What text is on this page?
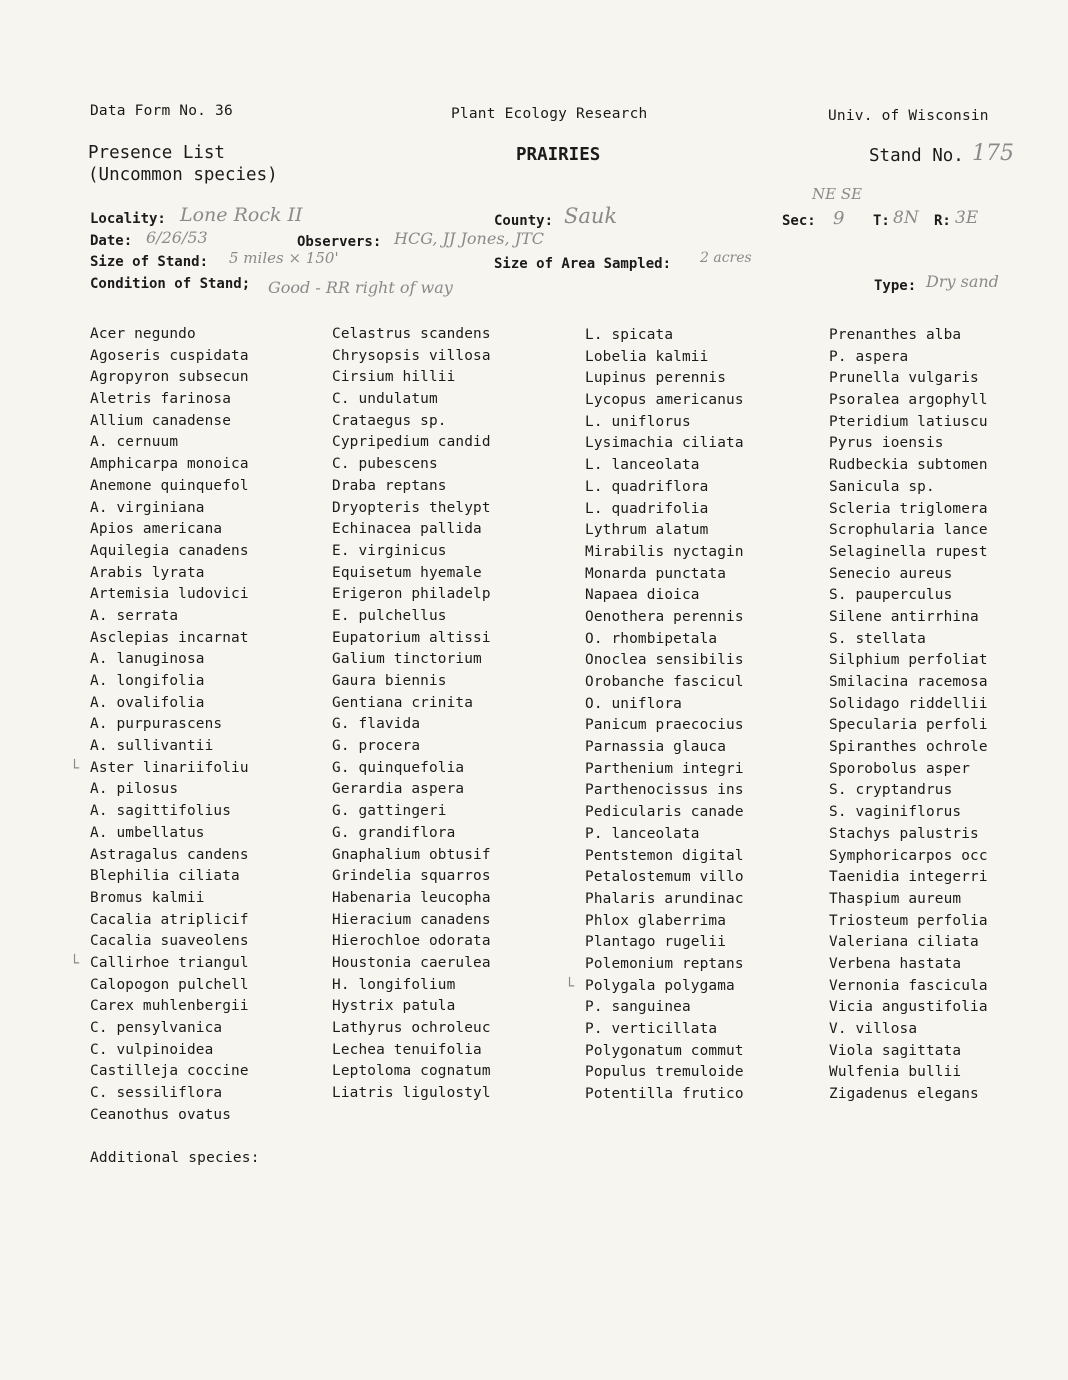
Data Form No. 36	Plant Ecology Research	Univ. of Wisconsin
Presence List
(Uncommon species)
PRAIRIES	Stand No. 175
Locality: Lone Rock II	County: Sauk
NE SE
Sec: 9 T: 8N R: 3E
Date: 6/26/53	Observers: HCG, JJ Jones, JTC
Size of Stand: 5 miles × 150'	Size of Area Sampled: 2 acres
Condition of Stand; Good - RR right of way	Type: Dry sand
Acer negundo
Agoseris cuspidata
Agropyron subsecun
Aletris farinosa
Allium canadense
A. cernuum
Amphicarpa monoica
Anemone quinquefol
A. virginiana
Apios americana
Aquilegia canadens
Arabis lyrata
Artemisia ludovici
A. serrata
Asclepias incarnat
A. lanuginosa
A. longifolia
A. ovalifolia
A. purpurascens
A. sullivantii
└ Aster linariifoliu
A. pilosus
A. sagittifolius
A. umbellatus
Astragalus candens
Blephilia ciliata
Bromus kalmii
Cacalia atriplicif
Cacalia suaveolens
└ Callirhoe triangul
Calopogon pulchell
Carex muhlenbergii
C. pensylvanica
C. vulpinoidea
Castilleja coccine
C. sessiliflora
Ceanothus ovatus
Celastrus scandens
Chrysopsis villosa
Cirsium hillii
C. undulatum
Crataegus sp.
Cypripedium candid
C. pubescens
Draba reptans
Dryopteris thelypt
Echinacea pallida
E. virginicus
Equisetum hyemale
Erigeron philadelp
E. pulchellus
Eupatorium altissi
Galium tinctorium
Gaura biennis
Gentiana crinita
G. flavida
G. procera
G. quinquefolia
Gerardia aspera
G. gattingeri
G. grandiflora
Gnaphalium obtusif
Grindelia squarros
Habenaria leucopha
Hieracium canadens
Hierochloe odorata
Houstonia caerulea
H. longifolium
Hystrix patula
Lathyrus ochroleuc
Lechea tenuifolia
Leptoloma cognatum
Liatris ligulostyl
L. spicata
Lobelia kalmii
Lupinus perennis
Lycopus americanus
L. uniflorus
Lysimachia ciliata
L. lanceolata
L. quadriflora
L. quadrifolia
Lythrum alatum
Mirabilis nyctagin
Monarda punctata
Napaea dioica
Oenothera perennis
O. rhombipetala
Onoclea sensibilis
Orobanche fascicul
O. uniflora
Panicum praecocius
Parnassia glauca
Parthenium integri
Parthenocissus ins
Pedicularis canade
P. lanceolata
Pentstemon digital
Petalostemum villo
Phalaris arundinac
Phlox glaberrima
Plantago rugelii
Polemonium reptans
└ Polygala polygama
P. sanguinea
P. verticillata
Polygonatum commut
Populus tremuloide
Potentilla frutico
Prenanthes alba
P. aspera
Prunella vulgaris
Psoralea argophyll
Pteridium latiuscu
Pyrus ioensis
Rudbeckia subtomen
Sanicula sp.
Scleria triglomera
Scrophularia lance
Selaginella rupest
Senecio aureus
S. pauperculus
Silene antirrhina
S. stellata
Silphium perfoliat
Smilacina racemosa
Solidago riddellii
Specularia perfoli
Spiranthes ochrole
Sporobolus asper
S. cryptandrus
S. vaginiflorus
Stachys palustris
Symphoricarpos occ
Taenidia integerri
Thaspium aureum
Triosteum perfolia
Valeriana ciliata
Verbena hastata
Vernonia fascicula
Vicia angustifolia
V. villosa
Viola sagittata
Wulfenia bullii
Zigadenus elegans
Additional species:
